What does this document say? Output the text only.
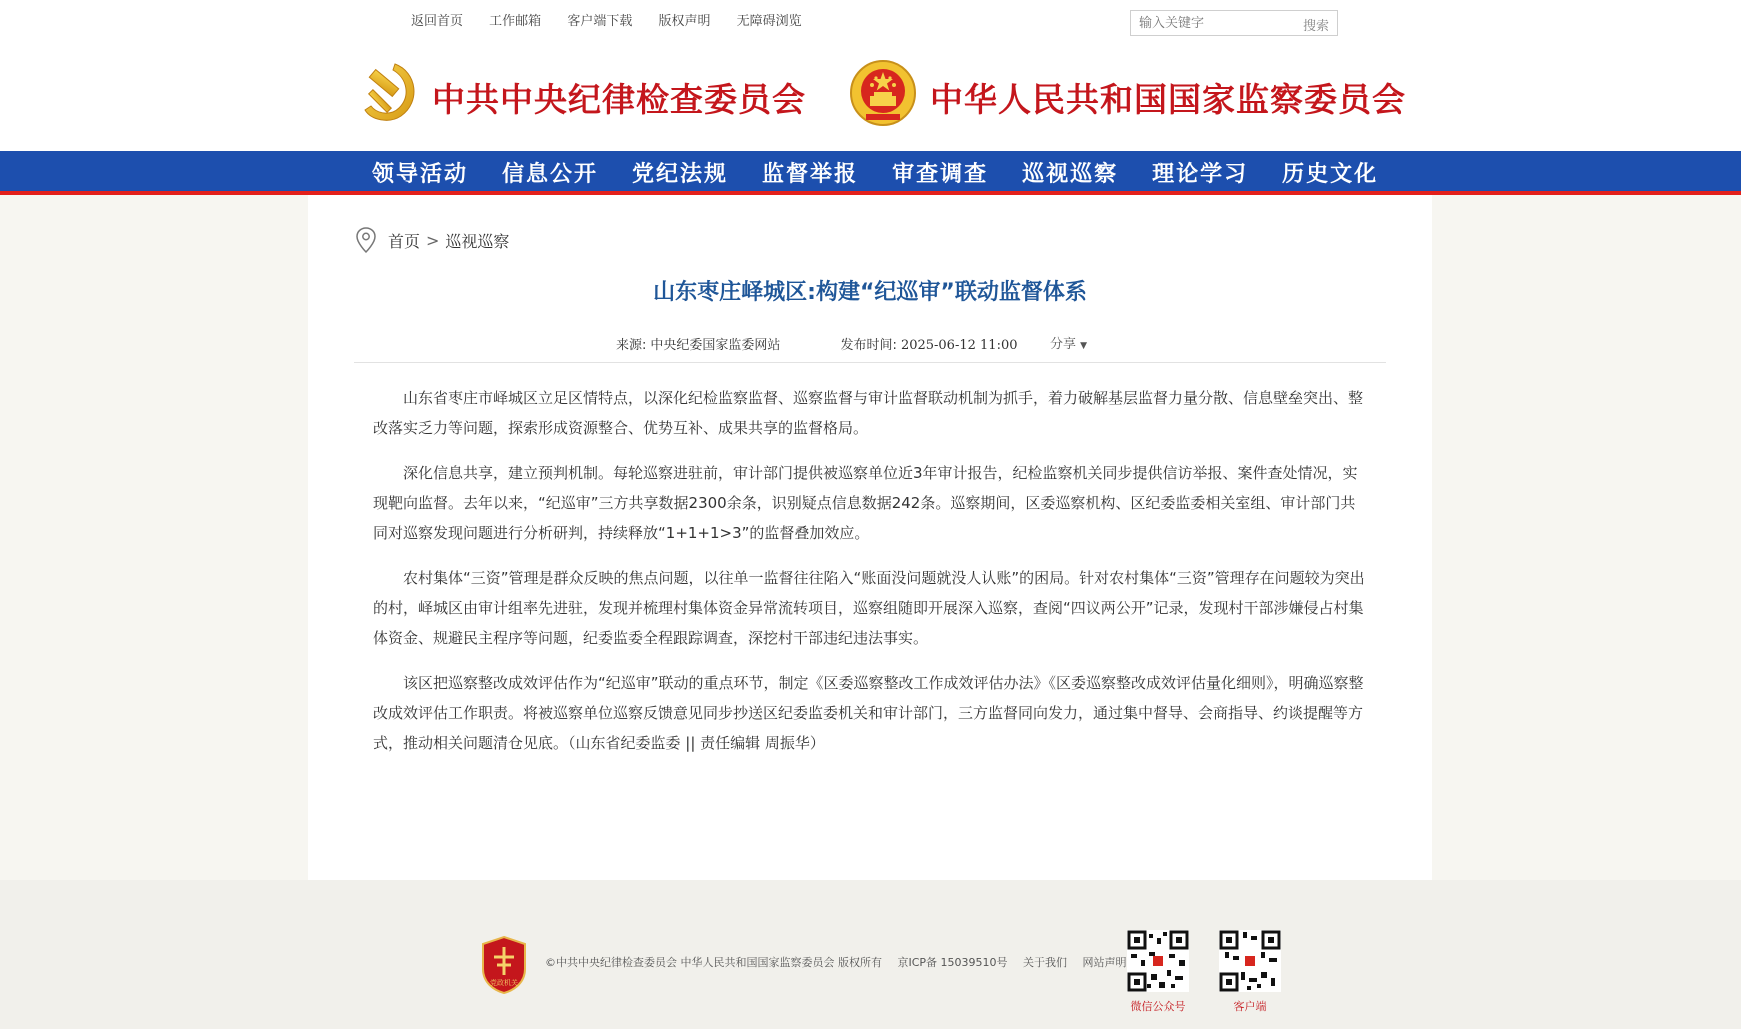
返回首页 工作邮箱 客户端下载 版权声明 无障碍浏览
输入关键字	搜索
中共中央纪律检查委员会	中华人民共和国国家监察委员会
领导活动 信息公开 党纪法规 监督举报 审查调查 巡视巡察 理论学习 历史文化
首页 > 巡视巡察
山东枣庄峄城区:构建“纪巡审”联动监督体系
来源: 中央纪委国家监委网站	发布时间: 2025-06-12 11:00	分享 ▼

山东省枣庄市峄城区立足区情特点，以深化纪检监察监督、巡察监督与审计监督联动机制为抓手，着力破解基层监督力量分散、信息壁垒突出、整改落实乏力等问题，探索形成资源整合、优势互补、成果共享的监督格局。

深化信息共享，建立预判机制。每轮巡察进驻前，审计部门提供被巡察单位近3年审计报告，纪检监察机关同步提供信访举报、案件查处情况，实现靶向监督。去年以来，“纪巡审”三方共享数据2300余条，识别疑点信息数据242条。巡察期间，区委巡察机构、区纪委监委相关室组、审计部门共同对巡察发现问题进行分析研判，持续释放“1+1+1>3”的监督叠加效应。

农村集体“三资”管理是群众反映的焦点问题，以往单一监督往往陷入“账面没问题就没人认账”的困局。针对农村集体“三资”管理存在问题较为突出的村，峄城区由审计组率先进驻，发现并梳理村集体资金异常流转项目，巡察组随即开展深入巡察，查阅“四议两公开”记录，发现村干部涉嫌侵占村集体资金、规避民主程序等问题，纪委监委全程跟踪调查，深挖村干部违纪违法事实。

该区把巡察整改成效评估作为“纪巡审”联动的重点环节，制定《区委巡察整改工作成效评估办法》《区委巡察整改成效评估量化细则》，明确巡察整改成效评估工作职责。将被巡察单位巡察反馈意见同步抄送区纪委监委机关和审计部门，三方监督同向发力，通过集中督导、会商指导、约谈提醒等方式，推动相关问题清仓见底。（山东省纪委监委 || 责任编辑 周振华）

党政机关
©中共中央纪律检查委员会 中华人民共和国国家监察委员会 版权所有 京ICP备 15039510号 关于我们 网站声明
微信公众号	客户端
